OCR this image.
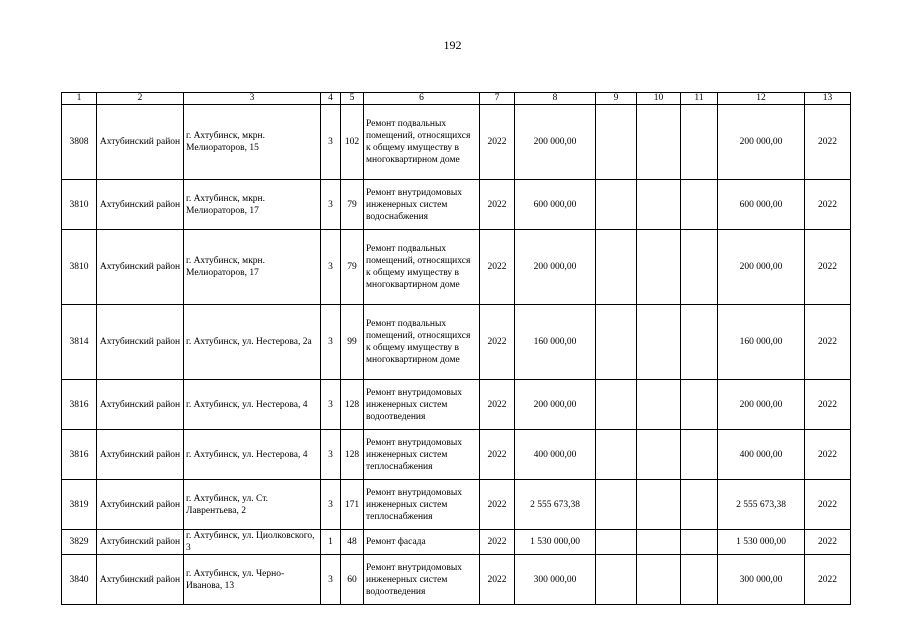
192
1	2	3	4	5	6	7	8	9	10	11	12	13
3808	Ахтубинский район	г. Ахтубинск, мкрн. Мелиораторов, 15	3	102	Ремонт подвальных помещений, относящихся к общему имуществу в многоквартирном доме	2022	200 000,00				200 000,00	2022
3810	Ахтубинский район	г. Ахтубинск, мкрн. Мелиораторов, 17	3	79	Ремонт внутридомовых инженерных систем водоснабжения	2022	600 000,00				600 000,00	2022
3810	Ахтубинский район	г. Ахтубинск, мкрн. Мелиораторов, 17	3	79	Ремонт подвальных помещений, относящихся к общему имуществу в многоквартирном доме	2022	200 000,00				200 000,00	2022
3814	Ахтубинский район	г. Ахтубинск, ул. Нестерова, 2а	3	99	Ремонт подвальных помещений, относящихся к общему имуществу в многоквартирном доме	2022	160 000,00				160 000,00	2022
3816	Ахтубинский район	г. Ахтубинск, ул. Нестерова, 4	3	128	Ремонт внутридомовых инженерных систем водоотведения	2022	200 000,00				200 000,00	2022
3816	Ахтубинский район	г. Ахтубинск, ул. Нестерова, 4	3	128	Ремонт внутридомовых инженерных систем теплоснабжения	2022	400 000,00				400 000,00	2022
3819	Ахтубинский район	г. Ахтубинск, ул. Ст. Лаврентьева, 2	3	171	Ремонт внутридомовых инженерных систем теплоснабжения	2022	2 555 673,38				2 555 673,38	2022
3829	Ахтубинский район	г. Ахтубинск, ул. Циолковского, 3	1	48	Ремонт фасада	2022	1 530 000,00				1 530 000,00	2022
3840	Ахтубинский район	г. Ахтубинск, ул. Черно-Иванова, 13	3	60	Ремонт внутридомовых инженерных систем водоотведения	2022	300 000,00				300 000,00	2022
